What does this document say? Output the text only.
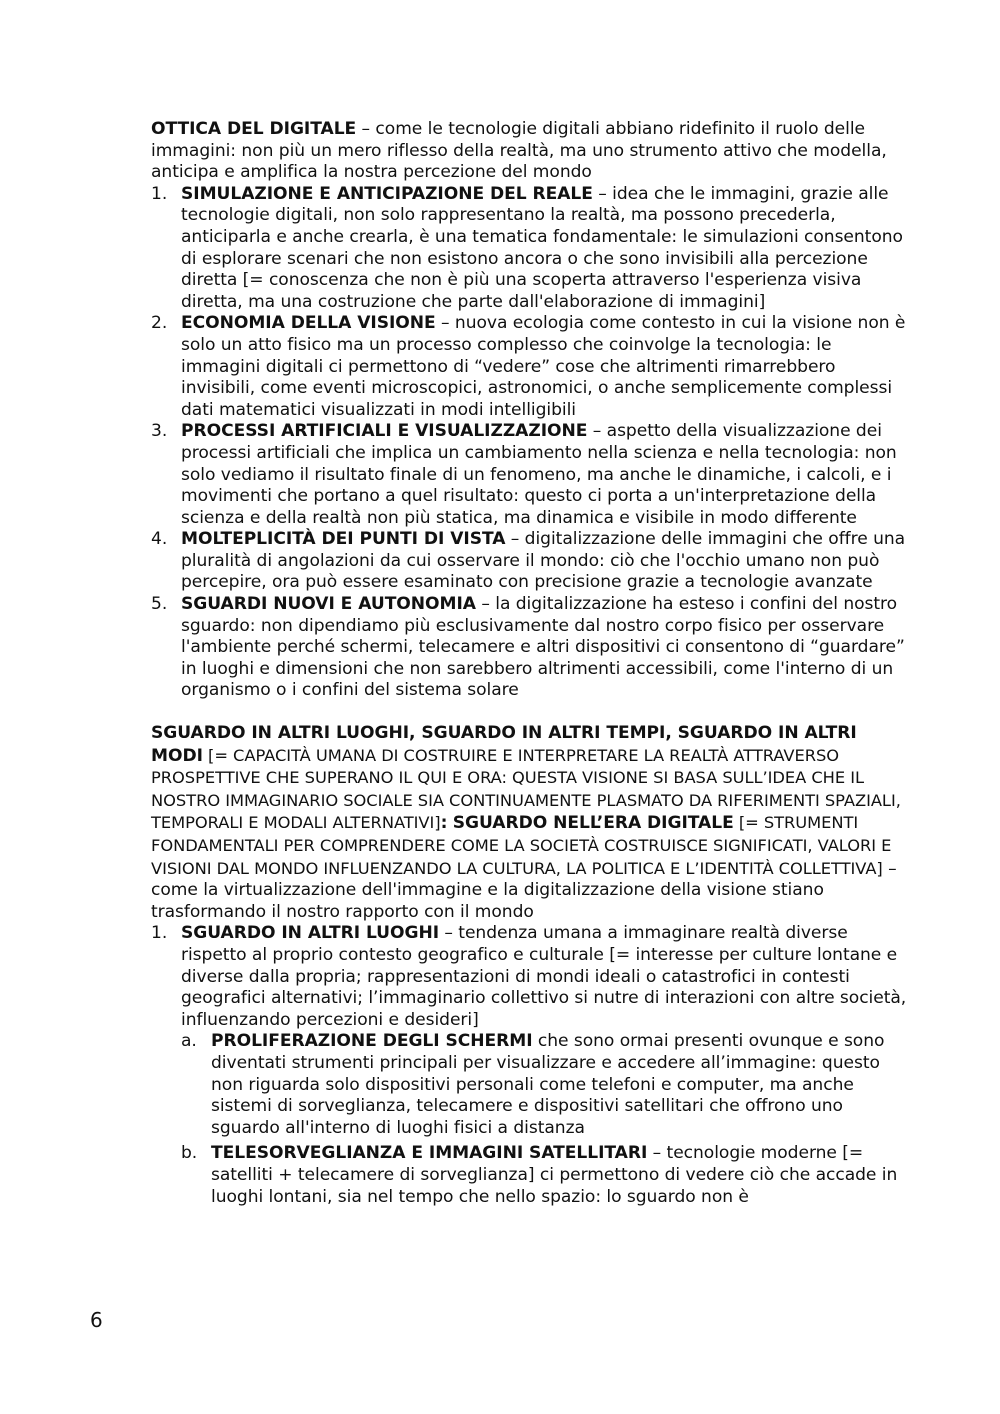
OTTICA DEL DIGITALE – come le tecnologie digitali abbiano ridefinito il ruolo delle immagini: non più un mero riflesso della realtà, ma uno strumento attivo che modella, anticipa e amplifica la nostra percezione del mondo

1. SIMULAZIONE E ANTICIPAZIONE DEL REALE – idea che le immagini, grazie alle tecnologie digitali, non solo rappresentano la realtà, ma possono precederla, anticiparla e anche crearla, è una tematica fondamentale: le simulazioni consentono di esplorare scenari che non esistono ancora o che sono invisibili alla percezione diretta [= conoscenza che non è più una scoperta attraverso l'esperienza visiva diretta, ma una costruzione che parte dall'elaborazione di immagini]
2. ECONOMIA DELLA VISIONE – nuova ecologia come contesto in cui la visione non è solo un atto fisico ma un processo complesso che coinvolge la tecnologia: le immagini digitali ci permettono di “vedere” cose che altrimenti rimarrebbero invisibili, come eventi microscopici, astronomici, o anche semplicemente complessi dati matematici visualizzati in modi intelligibili
3. PROCESSI ARTIFICIALI E VISUALIZZAZIONE – aspetto della visualizzazione dei processi artificiali che implica un cambiamento nella scienza e nella tecnologia: non solo vediamo il risultato finale di un fenomeno, ma anche le dinamiche, i calcoli, e i movimenti che portano a quel risultato: questo ci porta a un'interpretazione della scienza e della realtà non più statica, ma dinamica e visibile in modo differente
4. MOLTEPLICITÀ DEI PUNTI DI VISTA – digitalizzazione delle immagini che offre una pluralità di angolazioni da cui osservare il mondo: ciò che l'occhio umano non può percepire, ora può essere esaminato con precisione grazie a tecnologie avanzate
5. SGUARDI NUOVI E AUTONOMIA – la digitalizzazione ha esteso i confini del nostro sguardo: non dipendiamo più esclusivamente dal nostro corpo fisico per osservare l'ambiente perché schermi, telecamere e altri dispositivi ci consentono di “guardare” in luoghi e dimensioni che non sarebbero altrimenti accessibili, come l'interno di un organismo o i confini del sistema solare

SGUARDO IN ALTRI LUOGHI, SGUARDO IN ALTRI TEMPI, SGUARDO IN ALTRI MODI [= CAPACITÀ UMANA DI COSTRUIRE E INTERPRETARE LA REALTÀ ATTRAVERSO PROSPETTIVE CHE SUPERANO IL QUI E ORA: QUESTA VISIONE SI BASA SULL’IDEA CHE IL NOSTRO IMMAGINARIO SOCIALE SIA CONTINUAMENTE PLASMATO DA RIFERIMENTI SPAZIALI, TEMPORALI E MODALI ALTERNATIVI]: SGUARDO NELL’ERA DIGITALE [= STRUMENTI FONDAMENTALI PER COMPRENDERE COME LA SOCIETÀ COSTRUISCE SIGNIFICATI, VALORI E VISIONI DAL MONDO INFLUENZANDO LA CULTURA, LA POLITICA E L’IDENTITÀ COLLETTIVA] – come la virtualizzazione dell'immagine e la digitalizzazione della visione stiano trasformando il nostro rapporto con il mondo

1. SGUARDO IN ALTRI LUOGHI – tendenza umana a immaginare realtà diverse rispetto al proprio contesto geografico e culturale [= interesse per culture lontane e diverse dalla propria; rappresentazioni di mondi ideali o catastrofici in contesti geografici alternativi; l’immaginario collettivo si nutre di interazioni con altre società, influenzando percezioni e desideri]
a. PROLIFERAZIONE DEGLI SCHERMI che sono ormai presenti ovunque e sono diventati strumenti principali per visualizzare e accedere all’immagine: questo non riguarda solo dispositivi personali come telefoni e computer, ma anche sistemi di sorveglianza, telecamere e dispositivi satellitari che offrono uno sguardo all'interno di luoghi fisici a distanza
b. TELESORVEGLIANZA E IMMAGINI SATELLITARI – tecnologie moderne [= satelliti + telecamere di sorveglianza] ci permettono di vedere ciò che accade in luoghi lontani, sia nel tempo che nello spazio: lo sguardo non è
6
